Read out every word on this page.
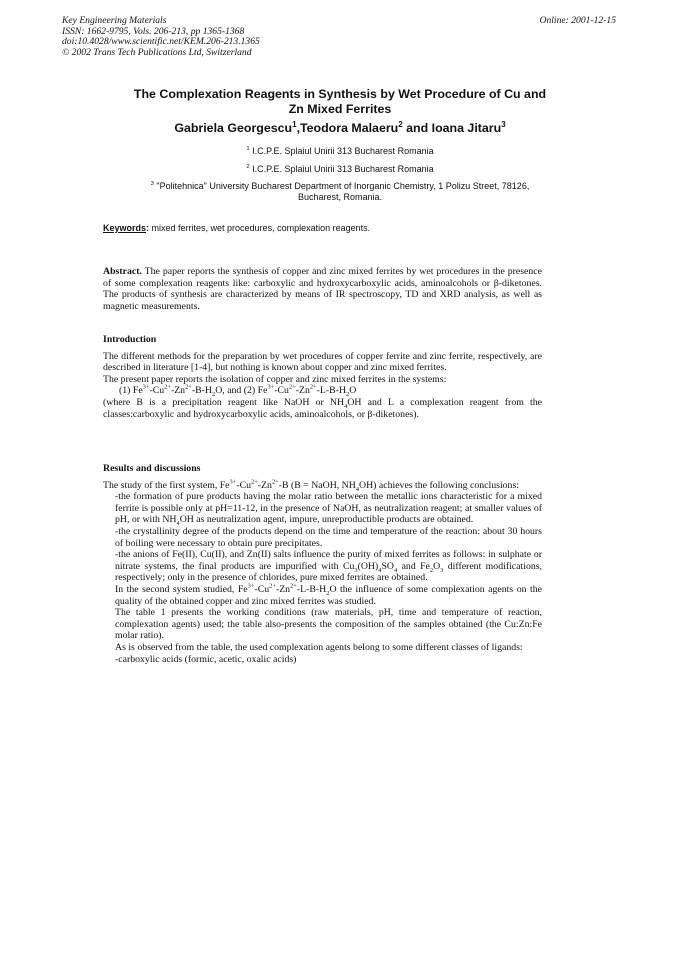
Key Engineering Materials
ISSN: 1662-9795, Vols. 206-213, pp 1365-1368
doi:10.4028/www.scientific.net/KEM.206-213.1365
© 2002 Trans Tech Publications Ltd, Switzerland
Online: 2001-12-15
The Complexation Reagents in Synthesis by Wet Procedure of Cu and
Zn Mixed Ferrites
Gabriela Georgescu$^1$,Teodora Malaeru$^2$ and Ioana Jitaru$^3$
$^1$ I.C.P.E. Splaiul Unirii 313 Bucharest Romania
$^2$ I.C.P.E. Splaiul Unirii 313 Bucharest Romania
$^3$ "Politehnica" University Bucharest Department of Inorganic Chemistry, 1 Polizu Street, 78126,
Bucharest, Romania.
Keywords: mixed ferrites, wet procedures, complexation reagents.
Abstract. The paper reports the synthesis of copper and zinc mixed ferrites by wet procedures in the presence of some complexation reagents like: carboxylic and hydroxycarboxylic acids, aminoalcohols or β-diketones. The products of synthesis are characterized by means of IR spectroscopy, TD and XRD analysis, as well as magnetic measurements.
Introduction

The different methods for the preparation by wet procedures of copper ferrite and zinc ferrite, respectively, are described in literature [1-4], but nothing is known about copper and zinc mixed ferrites.

The present paper reports the isolation of copper and zinc mixed ferrites in the systems:

(1) $Fe^{3+}-Cu^{2+}-Zn^{2+}-B-H_2O$, and (2) $Fe^{3+}-Cu^{2+}-Zn^{2+}-L-B-H_2O$

(where B is a precipitation reagent like NaOH or $NH_4OH$ and L a complexation reagent from the classes:carboxylic and hydroxycarboxylic acids, aminoalcohols, or β-diketones).

Results and discussions

The study of the first system, $Fe^{3+}-Cu^{2+}-Zn^{2+}-B$ (B = NaOH, $NH_4OH$) achieves the following conclusions:

-the formation of pure products having the molar ratio between the metallic ions characteristic for a mixed ferrite is possible only at pH=11-12, in the presence of NaOH, as neutralization reagent; at smaller values of pH, or with $NH_4OH$ as neutralization agent, impure, unreproductible products are obtained.

-the crystallinity degree of the products depend on the time and temperature of the reaction: about 30 hours of boiling were necessary to obtain pure precipitates.

-the anions of Fe(II), Cu(II), and Zn(II) salts influence the purity of mixed ferrites as follows: in sulphate or nitrate systems, the final products are impurified with $Cu_3(OH)_4SO_4$ and $Fe_2O_3$ different modifications, respectively; only in the presence of chlorides, pure mixed ferrites are obtained.

In the second system studied, $Fe^{3+}-Cu^{2+}-Zn^{2+}-L-B-H_2O$ the influence of some complexation agents on the quality of the obtained copper and zinc mixed ferrites was studied.

The table 1 presents the working conditions (raw materials, pH, time and temperature of reaction, complexation agents) used; the table also-presents the composition of the samples obtained (the Cu:Zn:Fe molar ratio).

As is observed from the table, the used complexation agents belong to some different classes of ligands:

-carboxylic acids (formic, acetic, oxalic acids)
